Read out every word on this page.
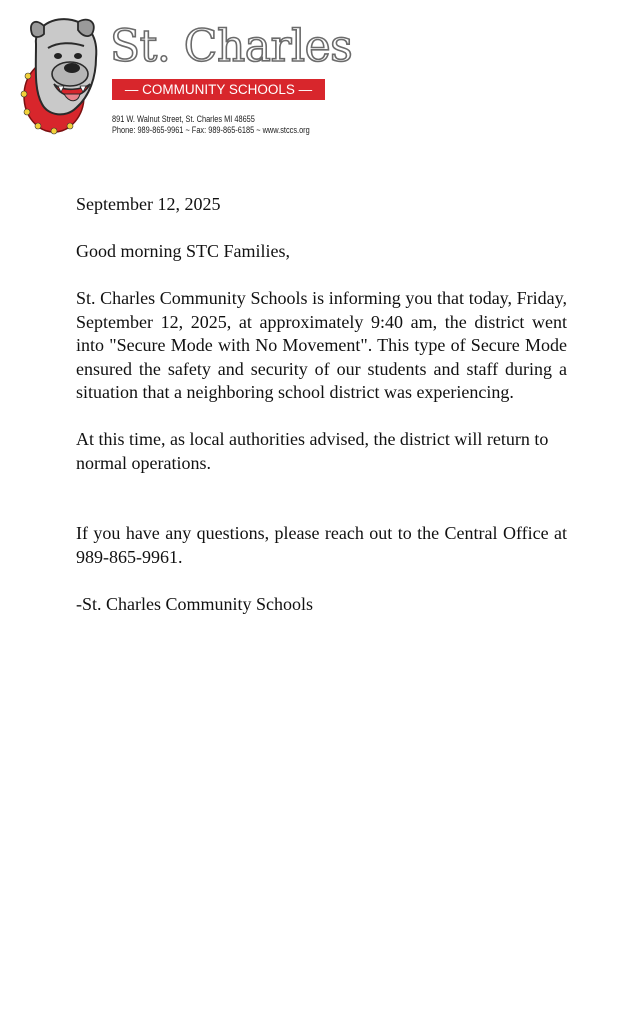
St. Charles
— COMMUNITY SCHOOLS —
891 W. Walnut Street, St. Charles MI 48655
Phone: 989-865-9961 ~ Fax: 989-865-6185 ~ www.stccs.org

September 12, 2025

Good morning STC Families,

St. Charles Community Schools is informing you that today, Friday, September 12, 2025, at approximately 9:40 am, the district went into "Secure Mode with No Movement". This type of Secure Mode ensured the safety and security of our students and staff during a situation that a neighboring school district was experiencing.

At this time, as local authorities advised, the district will return to normal operations.

If you have any questions, please reach out to the Central Office at 989-865-9961.

-St. Charles Community Schools
